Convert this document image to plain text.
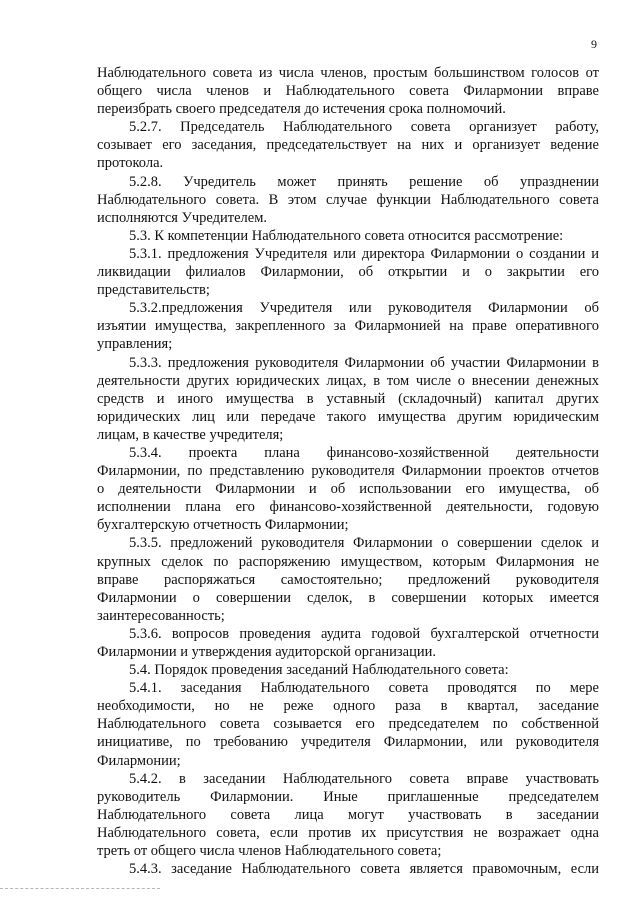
9

Наблюдательного совета из числа членов, простым большинством голосов от

общего числа членов и Наблюдательного совета Филармонии вправе

переизбрать своего председателя до истечения срока полномочий.

5.2.7. Председатель Наблюдательного совета организует работу,

созывает его заседания, председательствует на них и организует ведение

протокола.

5.2.8. Учредитель может принять решение об упразднении

Наблюдательного совета. В этом случае функции Наблюдательного совета

исполняются Учредителем.

5.3. К компетенции Наблюдательного совета относится рассмотрение:

5.3.1. предложения Учредителя или директора Филармонии о создании и

ликвидации филиалов Филармонии, об открытии и о закрытии его

представительств;

5.3.2.предложения Учредителя или руководителя Филармонии об

изъятии имущества, закрепленного за Филармонией на праве оперативного

управления;

5.3.3. предложения руководителя Филармонии об участии Филармонии в

деятельности других юридических лицах, в том числе о внесении денежных

средств и иного имущества в уставный (складочный) капитал других

юридических лиц или передаче такого имущества другим юридическим

лицам, в качестве учредителя;

5.3.4. проекта плана финансово-хозяйственной деятельности

Филармонии, по представлению руководителя Филармонии проектов отчетов

о деятельности Филармонии и об использовании его имущества, об

исполнении плана его финансово-хозяйственной деятельности, годовую

бухгалтерскую отчетность Филармонии;

5.3.5. предложений руководителя Филармонии о совершении сделок и

крупных сделок по распоряжению имуществом, которым Филармония не

вправе распоряжаться самостоятельно; предложений руководителя

Филармонии о совершении сделок, в совершении которых имеется

заинтересованность;

5.3.6. вопросов проведения аудита годовой бухгалтерской отчетности

Филармонии и утверждения аудиторской организации.

5.4. Порядок проведения заседаний Наблюдательного совета:

5.4.1. заседания Наблюдательного совета проводятся по мере

необходимости, но не реже одного раза в квартал, заседание

Наблюдательного совета созывается его председателем по собственной

инициативе, по требованию учредителя Филармонии, или руководителя

Филармонии;

5.4.2. в заседании Наблюдательного совета вправе участвовать

руководитель Филармонии. Иные приглашенные председателем

Наблюдательного совета лица могут участвовать в заседании

Наблюдательного совета, если против их присутствия не возражает одна

треть от общего числа членов Наблюдательного совета;

5.4.3. заседание Наблюдательного совета является правомочным, если
